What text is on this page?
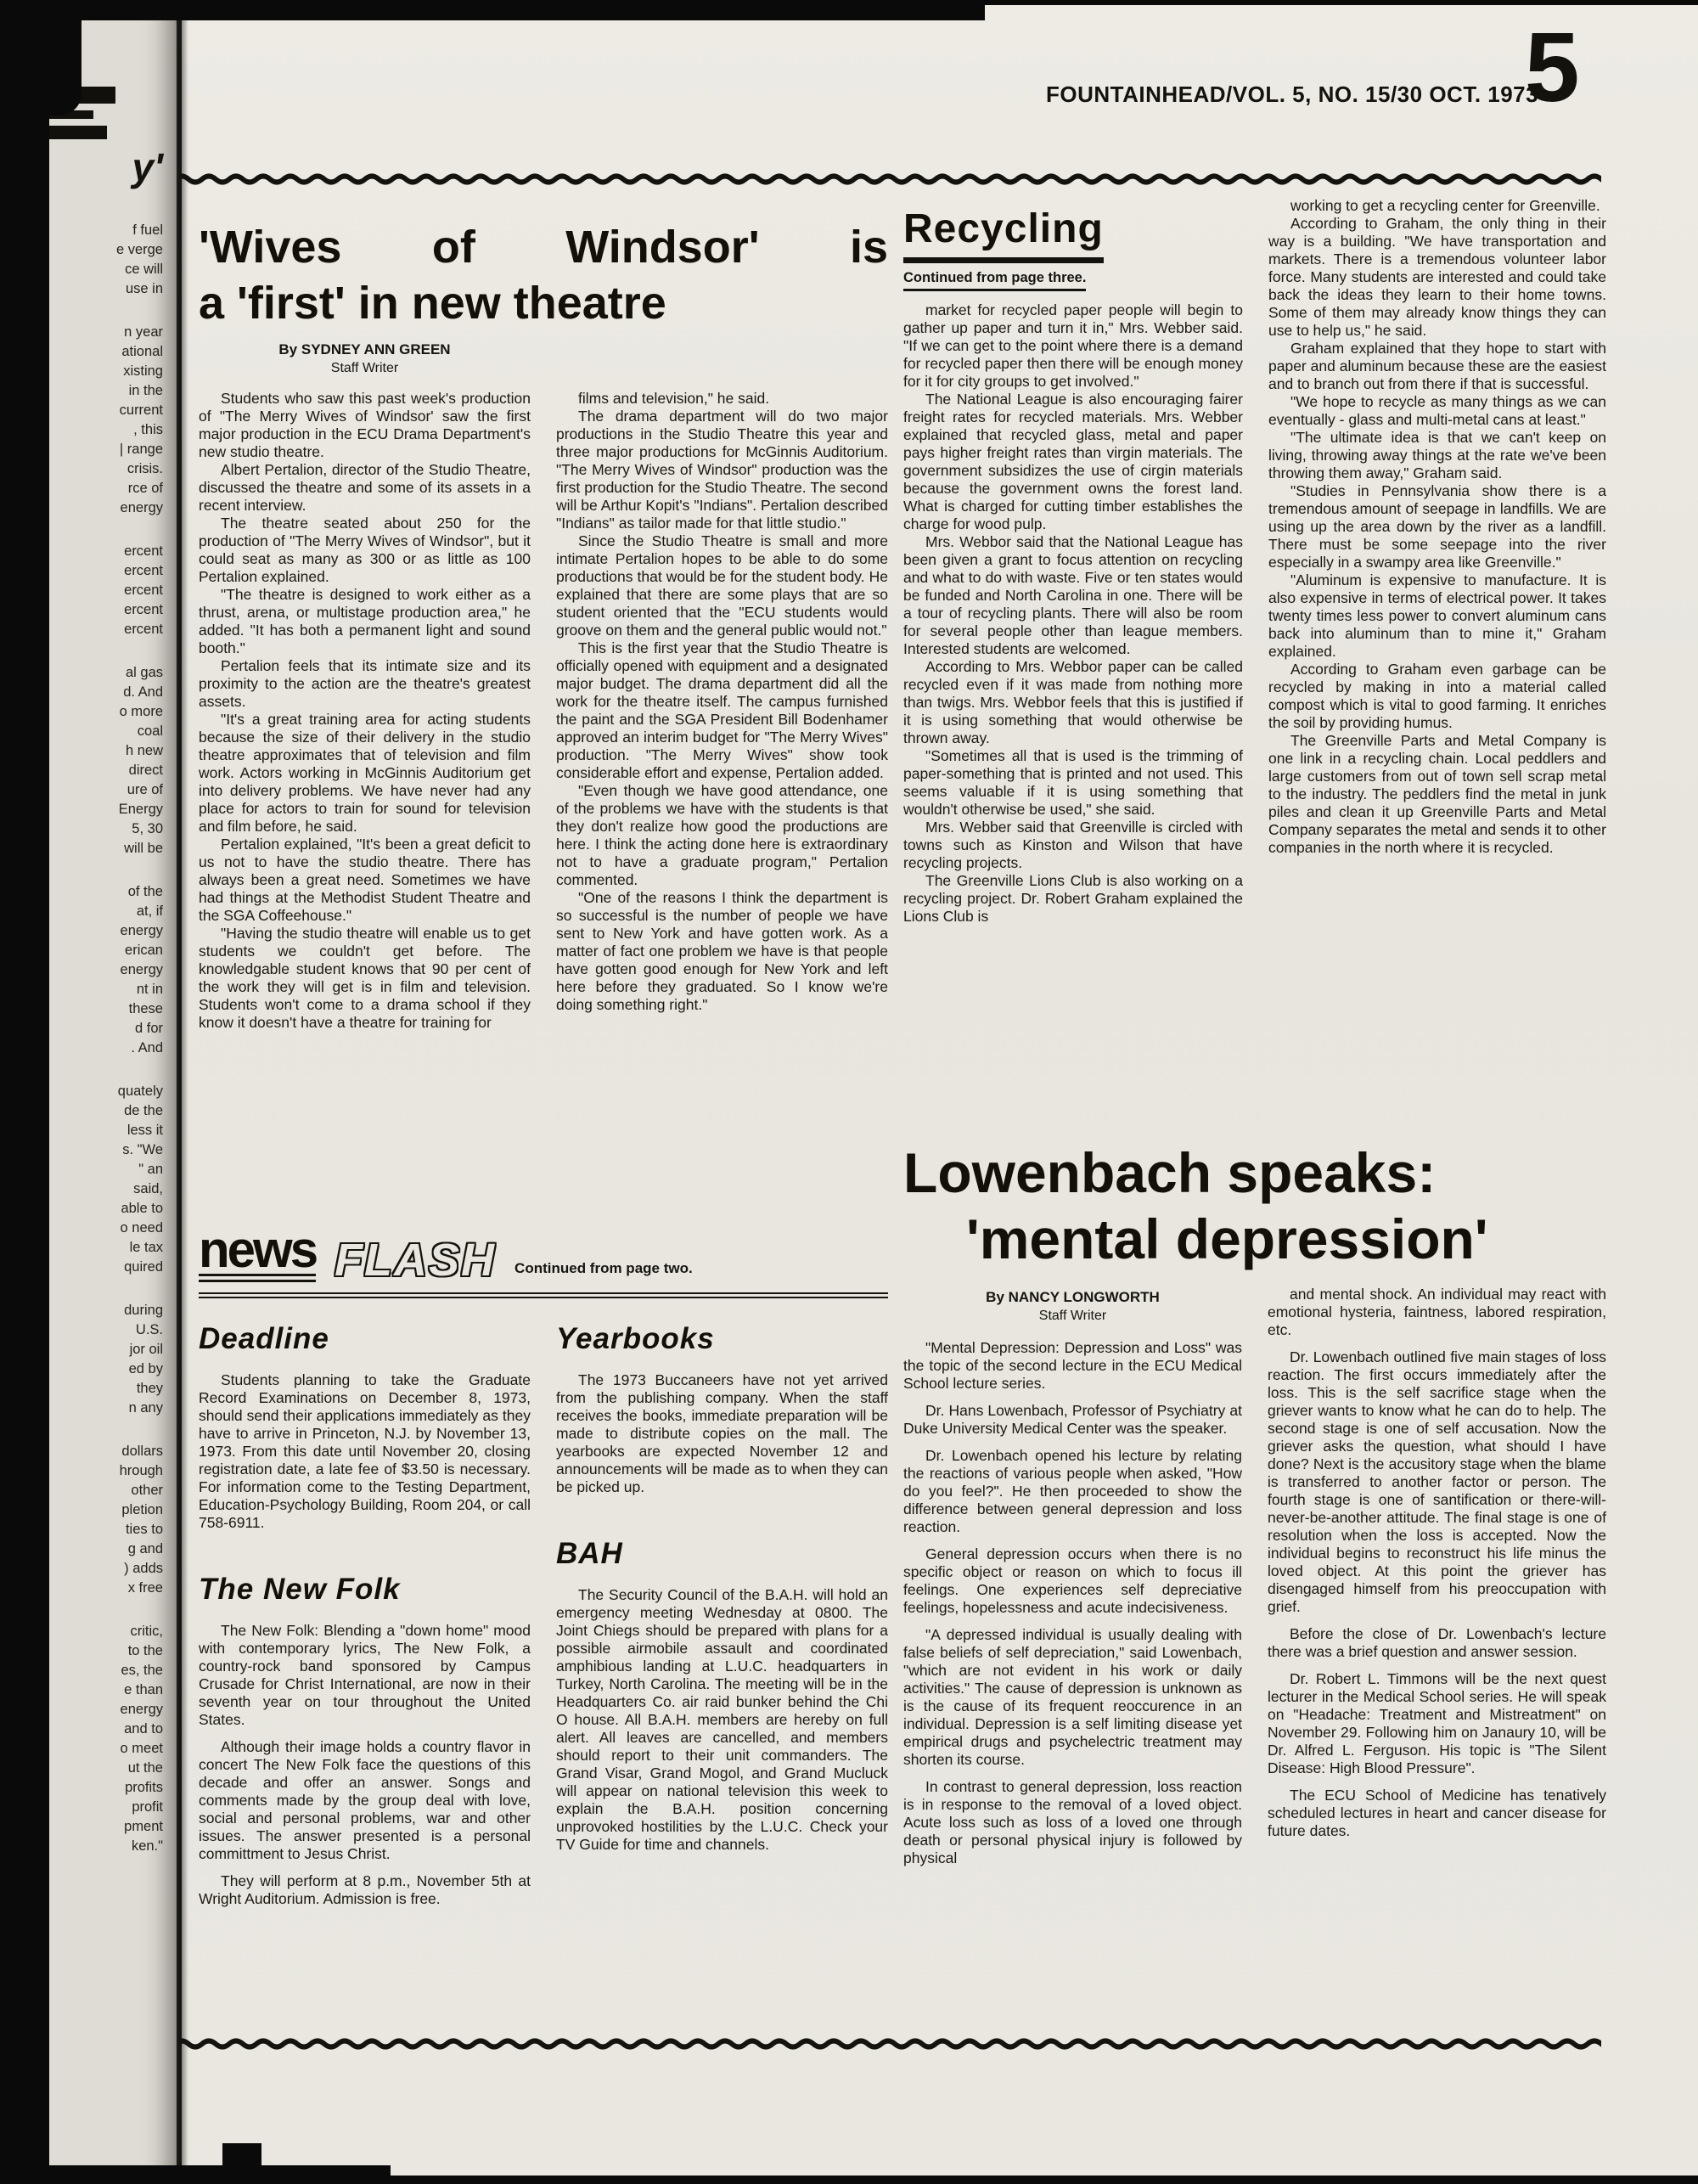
y'
f fuel
e verge
ce will
use in
n year
ational
xisting
in the
current
, this
| range
crisis.
rce of
energy
ercent
ercent
ercent
ercent
ercent
al gas
d. And
o more
coal
h new
direct
ure of
Energy
5, 30
will be
of the
at, if
energy
erican
energy
nt in
these
d for
. And
quately
de the
less it
s. "We
" an
said,
able to
o need
le tax
quired
during
U.S.
jor oil
ed by
they
n any
dollars
hrough
other
pletion
ties to
g and
) adds
x free
critic,
to the
es, the
e than
energy
and to
o meet
ut the
profits
profit
pment
ken."
FOUNTAINHEAD/VOL. 5, NO. 15/30 OCT. 1973
5
'Wives of Windsor' is
a 'first' in new theatre
By SYDNEY ANN GREEN
Staff Writer
Students who saw this past week's production of "The Merry Wives of Windsor' saw the first major production in the ECU Drama Department's new studio theatre.
Albert Pertalion, director of the Studio Theatre, discussed the theatre and some of its assets in a recent interview.
The theatre seated about 250 for the production of "The Merry Wives of Windsor", but it could seat as many as 300 or as little as 100 Pertalion explained.
"The theatre is designed to work either as a thrust, arena, or multistage production area," he added. "It has both a permanent light and sound booth."
Pertalion feels that its intimate size and its proximity to the action are the theatre's greatest assets.
"It's a great training area for acting students because the size of their delivery in the studio theatre approximates that of television and film work. Actors working in McGinnis Auditorium get into delivery problems. We have never had any place for actors to train for sound for television and film before, he said.
Pertalion explained, "It's been a great deficit to us not to have the studio theatre. There has always been a great need. Sometimes we have had things at the Methodist Student Theatre and the SGA Coffeehouse."
"Having the studio theatre will enable us to get students we couldn't get before. The knowledgable student knows that 90 per cent of the work they will get is in film and television. Students won't come to a drama school if they know it doesn't have a theatre for training for
films and television," he said.
The drama department will do two major productions in the Studio Theatre this year and three major productions for McGinnis Auditorium. "The Merry Wives of Windsor" production was the first production for the Studio Theatre. The second will be Arthur Kopit's "Indians". Pertalion described "Indians" as tailor made for that little studio."
Since the Studio Theatre is small and more intimate Pertalion hopes to be able to do some productions that would be for the student body. He explained that there are some plays that are so student oriented that the "ECU students would groove on them and the general public would not."
This is the first year that the Studio Theatre is officially opened with equipment and a designated major budget. The drama department did all the work for the theatre itself. The campus furnished the paint and the SGA President Bill Bodenhamer approved an interim budget for "The Merry Wives" production. "The Merry Wives" show took considerable effort and expense, Pertalion added.
"Even though we have good attendance, one of the problems we have with the students is that they don't realize how good the productions are here. I think the acting done here is extraordinary not to have a graduate program," Pertalion commented.
"One of the reasons I think the department is so successful is the number of people we have sent to New York and have gotten work. As a matter of fact one problem we have is that people have gotten good enough for New York and left here before they graduated. So I know we're doing something right."
Recycling
Continued from page three.
market for recycled paper people will begin to gather up paper and turn it in," Mrs. Webber said. "If we can get to the point where there is a demand for recycled paper then there will be enough money for it for city groups to get involved."
The National League is also encouraging fairer freight rates for recycled materials. Mrs. Webber explained that recycled glass, metal and paper pays higher freight rates than virgin materials. The government subsidizes the use of cirgin materials because the government owns the forest land. What is charged for cutting timber establishes the charge for wood pulp.
Mrs. Webbor said that the National League has been given a grant to focus attention on recycling and what to do with waste. Five or ten states would be funded and North Carolina in one. There will be a tour of recycling plants. There will also be room for several people other than league members. Interested students are welcomed.
According to Mrs. Webbor paper can be called recycled even if it was made from nothing more than twigs. Mrs. Webbor feels that this is justified if it is using something that would otherwise be thrown away.
"Sometimes all that is used is the trimming of paper-something that is printed and not used. This seems valuable if it is using something that wouldn't otherwise be used," she said.
Mrs. Webber said that Greenville is circled with towns such as Kinston and Wilson that have recycling projects.
The Greenville Lions Club is also working on a recycling project. Dr. Robert Graham explained the Lions Club is
working to get a recycling center for Greenville.
According to Graham, the only thing in their way is a building. "We have transportation and markets. There is a tremendous volunteer labor force. Many students are interested and could take back the ideas they learn to their home towns. Some of them may already know things they can use to help us," he said.
Graham explained that they hope to start with paper and aluminum because these are the easiest and to branch out from there if that is successful.
"We hope to recycle as many things as we can eventually - glass and multi-metal cans at least."
"The ultimate idea is that we can't keep on living, throwing away things at the rate we've been throwing them away," Graham said.
"Studies in Pennsylvania show there is a tremendous amount of seepage in landfills. We are using up the area down by the river as a landfill. There must be some seepage into the river especially in a swampy area like Greenville."
"Aluminum is expensive to manufacture. It is also expensive in terms of electrical power. It takes twenty times less power to convert aluminum cans back into aluminum than to mine it," Graham explained.
According to Graham even garbage can be recycled by making in into a material called compost which is vital to good farming. It enriches the soil by providing humus.
The Greenville Parts and Metal Company is one link in a recycling chain. Local peddlers and large customers from out of town sell scrap metal to the industry. The peddlers find the metal in junk piles and clean it up Greenville Parts and Metal Company separates the metal and sends it to other companies in the north where it is recycled.
Lowenbach speaks:
'mental depression'
By NANCY LONGWORTH
Staff Writer
"Mental Depression: Depression and Loss" was the topic of the second lecture in the ECU Medical School lecture series.
Dr. Hans Lowenbach, Professor of Psychiatry at Duke University Medical Center was the speaker.
Dr. Lowenbach opened his lecture by relating the reactions of various people when asked, "How do you feel?". He then proceeded to show the difference between general depression and loss reaction.
General depression occurs when there is no specific object or reason on which to focus ill feelings. One experiences self depreciative feelings, hopelessness and acute indecisiveness.
"A depressed individual is usually dealing with false beliefs of self depreciation," said Lowenbach, "which are not evident in his work or daily activities." The cause of depression is unknown as is the cause of its frequent reoccurence in an individual. Depression is a self limiting disease yet empirical drugs and psychelectric treatment may shorten its course.
In contrast to general depression, loss reaction is in response to the removal of a loved object. Acute loss such as loss of a loved one through death or personal physical injury is followed by physical
and mental shock. An individual may react with emotional hysteria, faintness, labored respiration, etc.
Dr. Lowenbach outlined five main stages of loss reaction. The first occurs immediately after the loss. This is the self sacrifice stage when the griever wants to know what he can do to help. The second stage is one of self accusation. Now the griever asks the question, what should I have done? Next is the accusitory stage when the blame is transferred to another factor or person. The fourth stage is one of santification or there-will-never-be-another attitude. The final stage is one of resolution when the loss is accepted. Now the individual begins to reconstruct his life minus the loved object. At this point the griever has disengaged himself from his preoccupation with grief.
Before the close of Dr. Lowenbach's lecture there was a brief question and answer session.
Dr. Robert L. Timmons will be the next quest lecturer in the Medical School series. He will speak on "Headache: Treatment and Mistreatment" on November 29. Following him on Janaury 10, will be Dr. Alfred L. Ferguson. His topic is "The Silent Disease: High Blood Pressure".
The ECU School of Medicine has tenatively scheduled lectures in heart and cancer disease for future dates.
news FLASH Continued from page two.
Deadline
Students planning to take the Graduate Record Examinations on December 8, 1973, should send their applications immediately as they have to arrive in Princeton, N.J. by November 13, 1973. From this date until November 20, closing registration date, a late fee of $3.50 is necessary. For information come to the Testing Department, Education-Psychology Building, Room 204, or call 758-6911.
The New Folk
The New Folk: Blending a "down home" mood with contemporary lyrics, The New Folk, a country-rock band sponsored by Campus Crusade for Christ International, are now in their seventh year on tour throughout the United States.
Although their image holds a country flavor in concert The New Folk face the questions of this decade and offer an answer. Songs and comments made by the group deal with love, social and personal problems, war and other issues. The answer presented is a personal committment to Jesus Christ.
They will perform at 8 p.m., November 5th at Wright Auditorium. Admission is free.
Yearbooks
The 1973 Buccaneers have not yet arrived from the publishing company. When the staff receives the books, immediate preparation will be made to distribute copies on the mall. The yearbooks are expected November 12 and announcements will be made as to when they can be picked up.
BAH
The Security Council of the B.A.H. will hold an emergency meeting Wednesday at 0800. The Joint Chiegs should be prepared with plans for a possible airmobile assault and coordinated amphibious landing at L.U.C. headquarters in Turkey, North Carolina. The meeting will be in the Headquarters Co. air raid bunker behind the Chi O house. All B.A.H. members are hereby on full alert. All leaves are cancelled, and members should report to their unit commanders. The Grand Visar, Grand Mogol, and Grand Mucluck will appear on national television this week to explain the B.A.H. position concerning unprovoked hostilities by the L.U.C. Check your TV Guide for time and channels.
